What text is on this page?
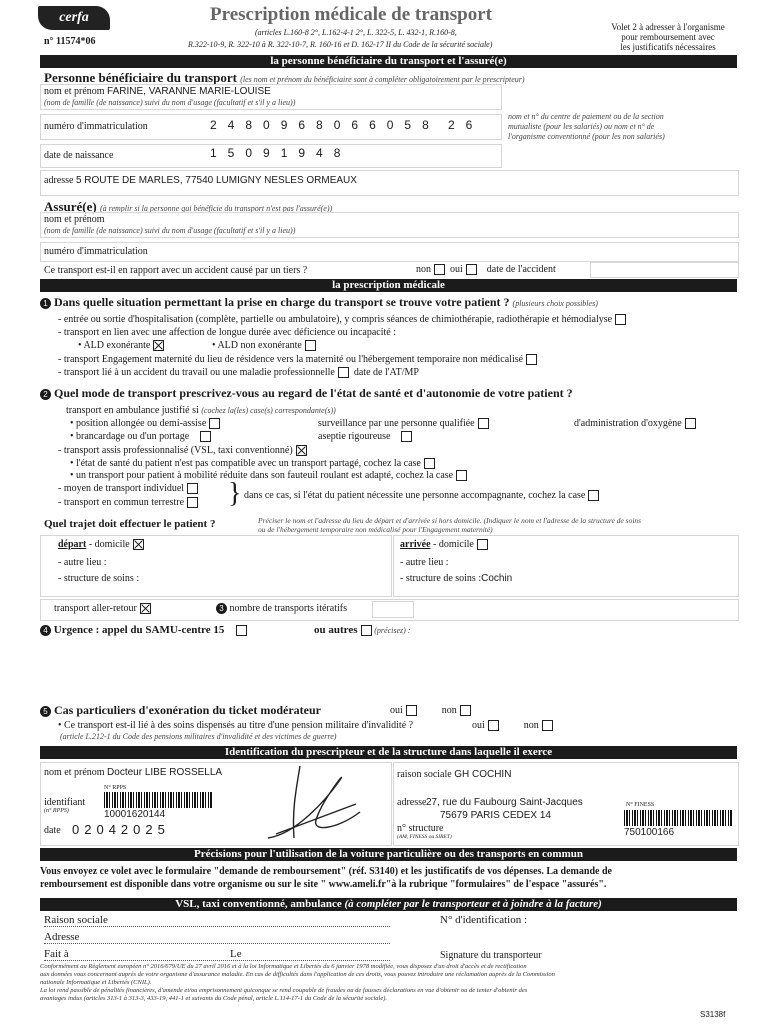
cerfa
n° 11574*06
Prescription médicale de transport
(articles L.160-8 2°, L.162-4-1 2°, L. 322-5, L. 432-1, R.160-8,
R.322-10-9, R. 322-10 à R. 322-10-7, R. 160-16 et D. 162-17 II du Code de la sécurité sociale)
Volet 2 à adresser à l'organisme
pour remboursement avec
les justificatifs nécessaires
la personne bénéficiaire du transport et l'assuré(e)
Personne bénéficiaire du transport (les nom et prénom du bénéficiaire sont à compléter obligatoirement par le prescripteur)
nom et prénom FARINE, VARANNE MARIE-LOUISE
(nom de famille (de naissance) suivi du nom d'usage (facultatif et s'il y a lieu))
numéro d'immatriculation	2480968066058 26
nom et n° du centre de paiement ou de la section
mutualiste (pour les salariés) ou nom et n° de
l'organisme conventionné (pour les non salariés)
date de naissance	15091948
adresse 5 ROUTE DE MARLES, 77540 LUMIGNY NESLES ORMEAUX
Assuré(e) (à remplir si la personne qui bénéficie du transport n'est pas l'assuré(e))
nom et prénom
(nom de famille (de naissance) suivi du nom d'usage (facultatif et s'il y a lieu))
numéro d'immatriculation
Ce transport est-il en rapport avec un accident causé par un tiers ?	non oui date de l'accident
la prescription médicale
1 Dans quelle situation permettant la prise en charge du transport se trouve votre patient ? (plusieurs choix possibles)
- entrée ou sortie d'hospitalisation (complète, partielle ou ambulatoire), y compris séances de chimiothérapie, radiothérapie et hémodialyse
- transport en lien avec une affection de longue durée avec déficience ou incapacité :
• ALD exonérante	• ALD non exonérante
- transport Engagement maternité du lieu de résidence vers la maternité ou l'hébergement temporaire non médicalisé
- transport lié à un accident du travail ou une maladie professionnelle date de l'AT/MP
2 Quel mode de transport prescrivez-vous au regard de l'état de santé et d'autonomie de votre patient ?
transport en ambulance justifié si (cochez la(les) case(s) correspondante(s))
• position allongée ou demi-assise	surveillance par une personne qualifiée	d'administration d'oxygène
• brancardage ou d'un portage	aseptie rigoureuse
- transport assis professionnalisé (VSL, taxi conventionné)
• l'état de santé du patient n'est pas compatible avec un transport partagé, cochez la case
• un transport pour patient à mobilité réduite dans son fauteuil roulant est adapté, cochez la case
- moyen de transport individuel
- transport en commun terrestre	} dans ce cas, si l'état du patient nécessite une personne accompagnante, cochez la case
Quel trajet doit effectuer le patient ?	Préciser le nom et l'adresse du lieu de départ et d'arrivée si hors domicile. (Indiquer le nom et l'adresse de la structure de soins
ou de l'hébergement temporaire non médicalisé pour l'Engagement maternité)
départ - domicile
- autre lieu :
- structure de soins :
arrivée - domicile
- autre lieu :
- structure de soins :Cochin
transport aller-retour	3 nombre de transports itératifs
4 Urgence : appel du SAMU-centre 15	ou autres (précisez) :
5 Cas particuliers d'exonération du ticket modérateur	oui	non
• Ce transport est-il lié à des soins dispensés au titre d'une pension militaire d'invalidité ?	oui	non
(article L.212-1 du Code des pensions militaires d'invalidité et des victimes de guerre)
Identification du prescripteur et de la structure dans laquelle il exerce
nom et prénom Docteur LIBE ROSSELLA
N° RPPS
identifiant
(n° RPPS)	10001620144
date 02042025
raison sociale GH COCHIN
adresse 27, rue du Faubourg Saint-Jacques
75679 PARIS CEDEX 14
n° structure
(AM, FINESS ou SIRET)
N° FINESS
750100166
Précisions pour l'utilisation de la voiture particulière ou des transports en commun
Vous envoyez ce volet avec le formulaire "demande de remboursement" (réf. S3140) et les justificatifs de vos dépenses. La demande de
remboursement est disponible dans votre organisme ou sur le site " www.ameli.fr"à la rubrique "formulaires" de l'espace "assurés".
VSL, taxi conventionné, ambulance (à compléter par le transporteur et à joindre à la facture)
Raison sociale	N° d'identification :
Adresse
Fait à	Le	Signature du transporteur
Conformément au Règlement européen n° 2016/679/UE du 27 avril 2016 et à la loi Informatique et Libertés du 6 janvier 1978 modifiée, vous disposez d'un droit d'accès et de rectification
aux données vous concernant auprès de votre organisme d'assurance maladie. En cas de difficultés dans l'application de ces droits, vous pouvez introduire une réclamation auprès de la Commission
nationale Informatique et Libertés (CNIL).
La loi rend passible de pénalités financières, d'amende et/ou emprisonnement quiconque se rend coupable de fraudes ou de fausses déclarations en vue d'obtenir ou de tenter d'obtenir des
avantages indus (articles 313-1 à 313-3, 433-19, 441-1 et suivants du Code pénal, article L.114-17-1 du Code de la sécurité sociale).
S3138f
